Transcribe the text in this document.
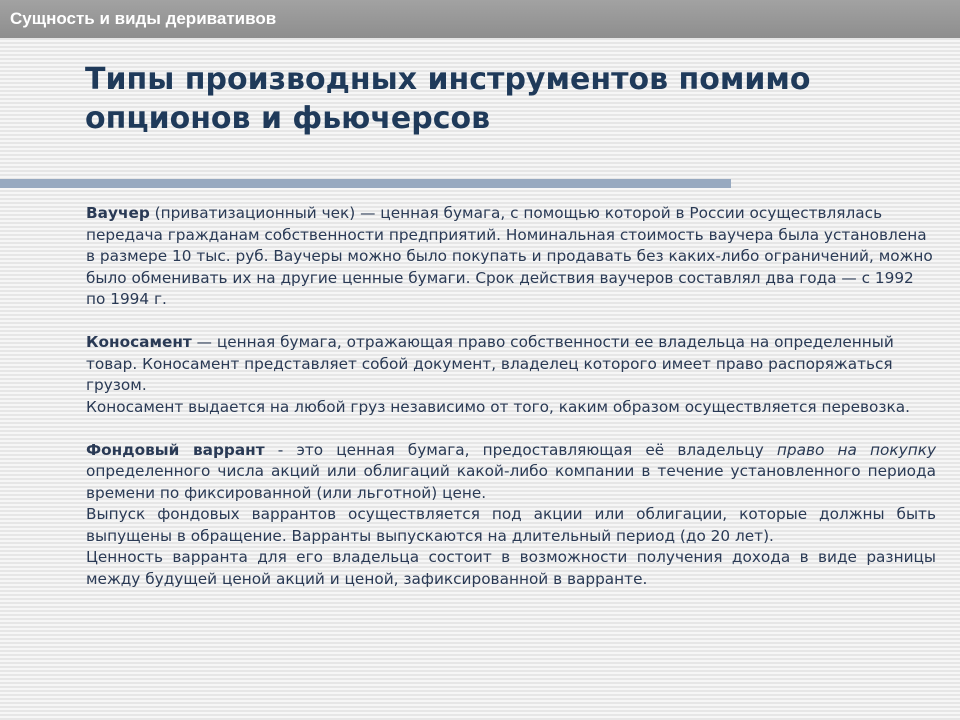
Сущность и виды деривативов
Типы производных инструментов помимо
опционов и фьючерсов

Ваучер (приватизационный чек) — ценная бумага, с помощью которой в России осуществлялась передача гражданам собственности предприятий. Номинальная стоимость ваучера была установлена в размере 10 тыс. руб. Ваучеры можно было покупать и продавать без каких-либо ограничений, можно было обменивать их на другие ценные бумаги. Срок действия ваучеров составлял два года — с 1992 по 1994 г.

Коносамент — ценная бумага, отражающая право собственности ее владельца на определенный товар. Коносамент представляет собой документ, владелец которого имеет право распоряжаться грузом.

Коносамент выдается на любой груз независимо от того, каким образом осуществляется перевозка.

Фондовый варрант - это ценная бумага, предоставляющая её владельцу право на покупку определенного числа акций или облигаций какой-либо компании в течение установленного периода времени по фиксированной (или льготной) цене.

Выпуск фондовых варрантов осуществляется под акции или облигации, которые должны быть выпущены в обращение. Варранты выпускаются на длительный период (до 20 лет).

Ценность варранта для его владельца состоит в возможности получения дохода в виде разницы между будущей ценой акций и ценой, зафиксированной в варранте.
